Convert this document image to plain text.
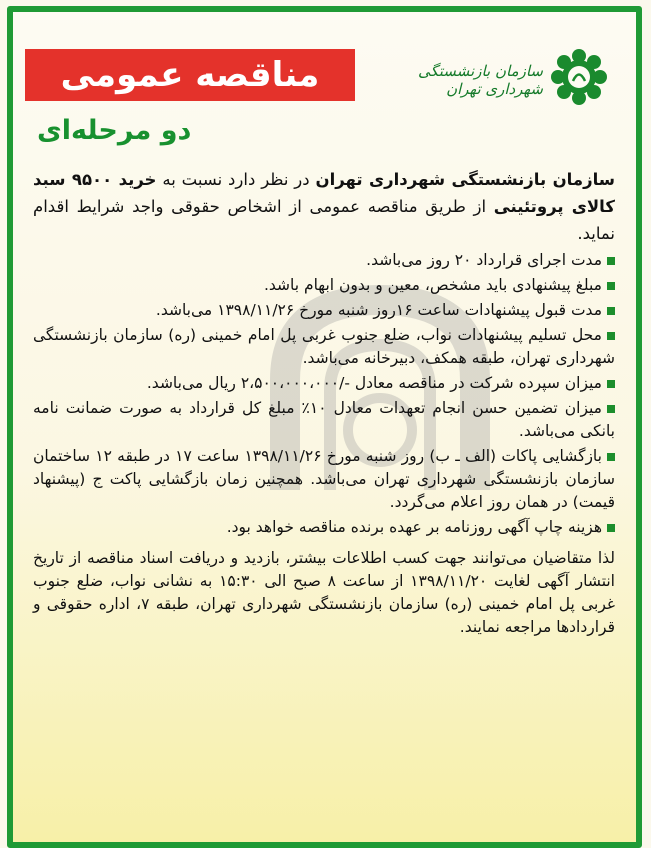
مناقصه عمومی	سازمان بازنشستگی شهرداری تهران
دو مرحله‌ای
سازمان بازنشستگی شهرداری تهران در نظر دارد نسبت به خرید ۹۵۰۰ سبد کالای پروتئینی از طریق مناقصه عمومی از اشخاص حقوقی واجد شرایط اقدام نماید.
مدت اجرای قرارداد ۲۰ روز می‌باشد.
مبلغ پیشنهادی باید مشخص، معین و بدون ابهام باشد.
مدت قبول پیشنهادات ساعت ۱۶روز شنبه مورخ ۱۳۹۸/۱۱/۲۶ می‌باشد.
محل تسلیم پیشنهادات نواب، ضلع جنوب غربی پل امام خمینی (ره) سازمان بازنشستگی شهرداری تهران، طبقه همکف، دبیرخانه می‌باشد.
میزان سپرده شرکت در مناقصه معادل -/۲،۵۰۰،۰۰۰،۰۰۰ ریال می‌باشد.
میزان تضمین حسن انجام تعهدات معادل ۱۰٪ مبلغ کل قرارداد به صورت ضمانت نامه بانکی می‌باشد.
بازگشایی پاکات (الف ـ ب) روز شنبه مورخ ۱۳۹۸/۱۱/۲۶ ساعت ۱۷ در طبقه ۱۲ ساختمان سازمان بازنشستگی شهرداری تهران می‌باشد. همچنین زمان بازگشایی پاکت ج (پیشنهاد قیمت) در همان روز اعلام می‌گردد.
هزینه چاپ آگهی روزنامه بر عهده برنده مناقصه خواهد بود.
لذا متقاضیان می‌توانند جهت کسب اطلاعات بیشتر، بازدید و دریافت اسناد مناقصه از تاریخ انتشار آگهی لغایت ۱۳۹۸/۱۱/۲۰ از ساعت ۸ صبح الی ۱۵:۳۰ به نشانی نواب، ضلع جنوب غربی پل امام خمینی (ره) سازمان بازنشستگی شهرداری تهران، طبقه ۷، اداره حقوقی و قراردادها مراجعه نمایند.
